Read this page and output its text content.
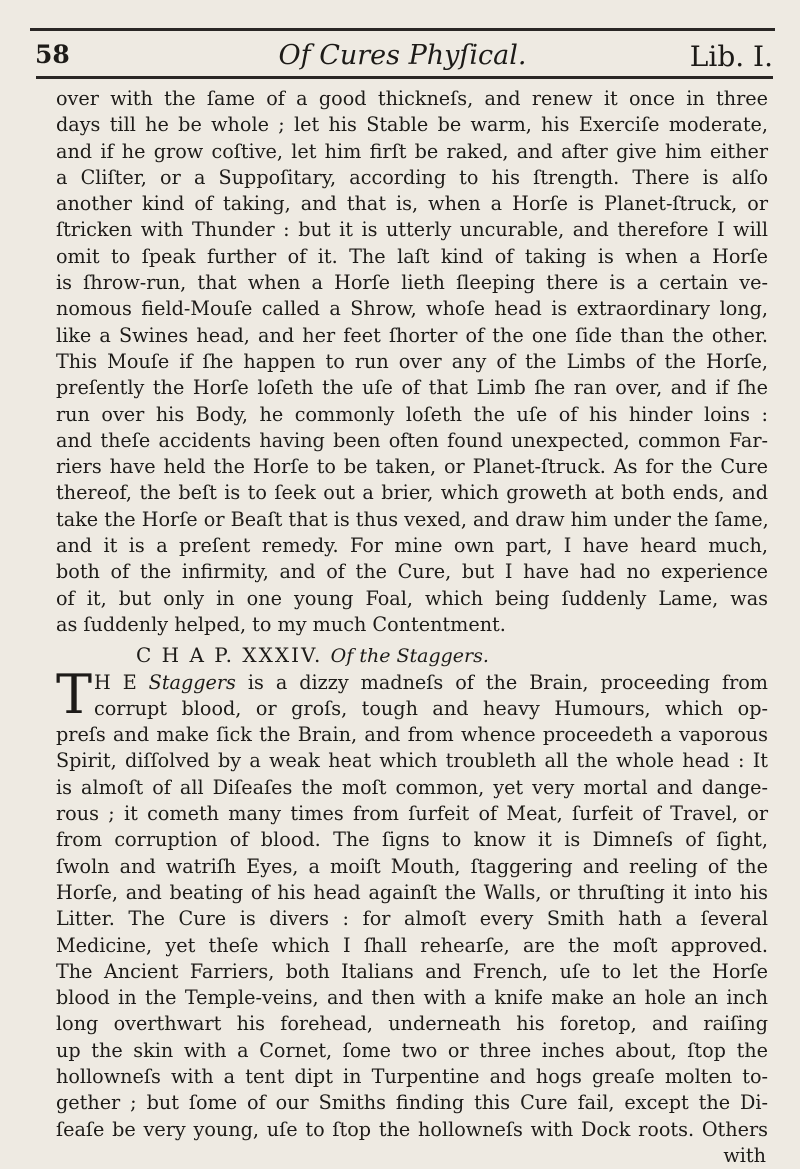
58	Of Cures Phyſical.	Lib. I.
over with the ſame of a good thickneſs, and renew it once in three
days till he be whole ; let his Stable be warm, his Exerciſe moderate,
and if he grow coſtive, let him firſt be raked, and after give him either
a Cliſter, or a Suppoſitary, according to his ſtrength. There is alſo
another kind of taking, and that is, when a Horſe is Planet-ſtruck, or
ſtricken with Thunder : but it is utterly uncurable, and therefore I will
omit to ſpeak further of it. The laſt kind of taking is when a Horſe
is ſhrow-run, that when a Horſe lieth ſleeping there is a certain ve-
nomous field-Mouſe called a Shrow, whoſe head is extraordinary long,
like a Swines head, and her feet ſhorter of the one ſide than the other.
This Mouſe if ſhe happen to run over any of the Limbs of the Horſe,
preſently the Horſe loſeth the uſe of that Limb ſhe ran over, and if ſhe
run over his Body, he commonly loſeth the uſe of his hinder loins :
and theſe accidents having been often found unexpected, common Far-
riers have held the Horſe to be taken, or Planet-ſtruck. As for the Cure
thereof, the beſt is to ſeek out a brier, which groweth at both ends, and
take the Horſe or Beaſt that is thus vexed, and draw him under the ſame,
and it is a preſent remedy. For mine own part, I have heard much,
both of the infirmity, and of the Cure, but I have had no experience
of it, but only in one young Foal, which being ſuddenly Lame, was
as ſuddenly helped, to my much Contentment.
C H A P. XXXIV. Of the Staggers.
T H E Staggers is a dizzy madneſs of the Brain, proceeding from
corrupt blood, or groſs, tough and heavy Humours, which op-
preſs and make ſick the Brain, and from whence proceedeth a vaporous
Spirit, diſſolved by a weak heat which troubleth all the whole head : It
is almoſt of all Diſeaſes the moſt common, yet very mortal and dange-
rous ; it cometh many times from ſurfeit of Meat, ſurfeit of Travel, or
from corruption of blood. The ſigns to know it is Dimneſs of ſight,
ſwoln and watriſh Eyes, a moiſt Mouth, ſtaggering and reeling of the
Horſe, and beating of his head againſt the Walls, or thruſting it into his
Litter. The Cure is divers : for almoſt every Smith hath a ſeveral
Medicine, yet theſe which I ſhall rehearſe, are the moſt approved.
The Ancient Farriers, both Italians and French, uſe to let the Horſe
blood in the Temple-veins, and then with a knife make an hole an inch
long overthwart his forehead, underneath his foretop, and raiſing
up the skin with a Cornet, ſome two or three inches about, ſtop the
hollowneſs with a tent dipt in Turpentine and hogs greaſe molten to-
gether ; but ſome of our Smiths finding this Cure fail, except the Di-
ſeaſe be very young, uſe to ſtop the hollowneſs with Dock roots. Others
with
